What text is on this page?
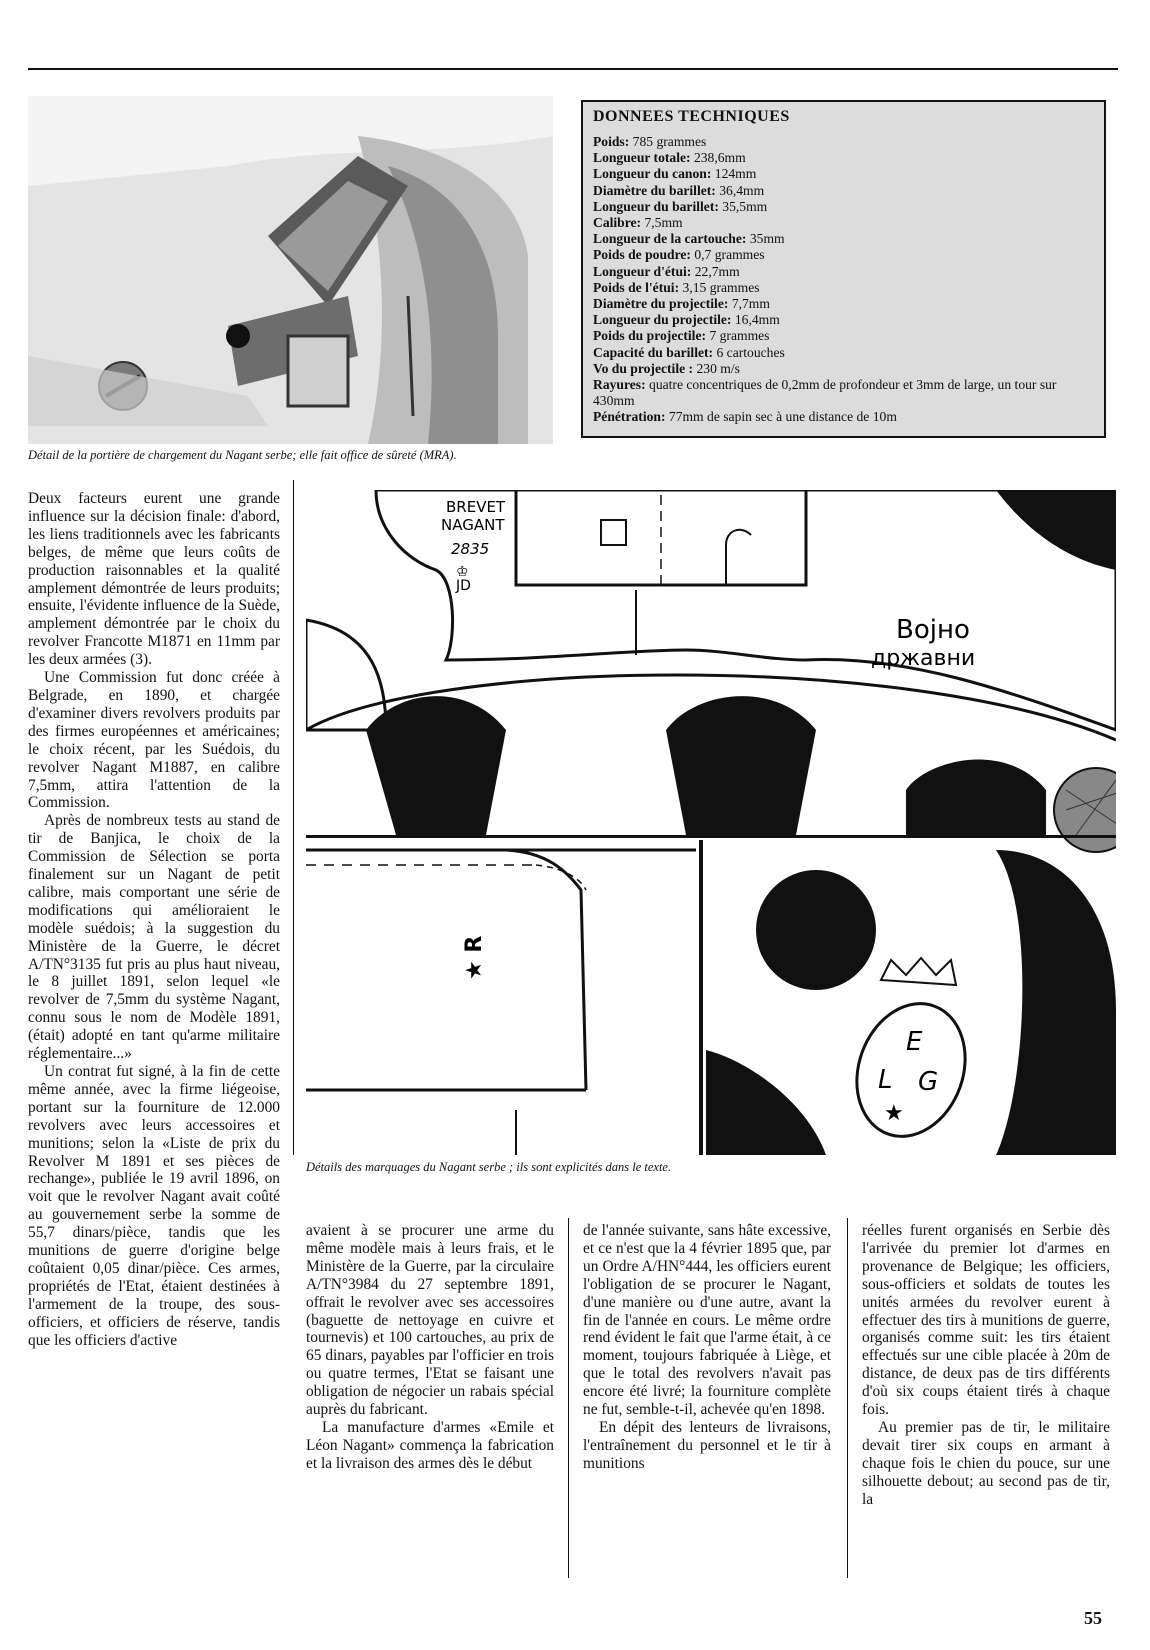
Détail de la portière de chargement du Nagant serbe; elle fait office de sûreté (MRA).
DONNEES TECHNIQUES
Poids: 785 grammes
Longueur totale: 238,6mm
Longueur du canon: 124mm
Diamètre du barillet: 36,4mm
Longueur du barillet: 35,5mm
Calibre: 7,5mm
Longueur de la cartouche: 35mm
Poids de poudre: 0,7 grammes
Longueur d'étui: 22,7mm
Poids de l'étui: 3,15 grammes
Diamètre du projectile: 7,7mm
Longueur du projectile: 16,4mm
Poids du projectile: 7 grammes
Capacité du barillet: 6 cartouches
Vo du projectile : 230 m/s
Rayures: quatre concentriques de 0,2mm de profondeur et 3mm de large, un tour sur 430mm
Pénétration: 77mm de sapin sec à une distance de 10m

Deux facteurs eurent une grande influence sur la décision finale: d'abord, les liens traditionnels avec les fabricants belges, de même que leurs coûts de production raisonnables et la qualité amplement démontrée de leurs produits; ensuite, l'évidente influence de la Suède, amplement démontrée par le choix du revolver Francotte M1871 en 11mm par les deux armées (3).

Une Commission fut donc créée à Belgrade, en 1890, et chargée d'examiner divers revolvers produits par des firmes européennes et américaines; le choix récent, par les Suédois, du revolver Nagant M1887, en calibre 7,5mm, attira l'attention de la Commission.

Après de nombreux tests au stand de tir de Banjica, le choix de la Commission de Sélection se porta finalement sur un Nagant de petit calibre, mais comportant une série de modifications qui amélioraient le modèle suédois; à la suggestion du Ministère de la Guerre, le décret A/TN°3135 fut pris au plus haut niveau, le 8 juillet 1891, selon lequel «le revolver de 7,5mm du système Nagant, connu sous le nom de Modèle 1891, (était) adopté en tant qu'arme militaire réglementaire...»

Un contrat fut signé, à la fin de cette même année, avec la firme liégeoise, portant sur la fourniture de 12.000 revolvers avec leurs accessoires et munitions; selon la «Liste de prix du Revolver M 1891 et ses pièces de rechange», publiée le 19 avril 1896, on voit que le revolver Nagant avait coûté au gouvernement serbe la somme de 55,7 dinars/pièce, tandis que les munitions de guerre d'origine belge coûtaient 0,05 dinar/pièce. Ces armes, propriétés de l'Etat, étaient destinées à l'armement de la troupe, des sous-officiers, et officiers de réserve, tandis que les officiers d'active

BREVET
NAGANT
2835
JD
♔
Војно
државни
★ R
E
L G
★
Détails des marquages du Nagant serbe ; ils sont explicités dans le texte.

avaient à se procurer une arme du même modèle mais à leurs frais, et le Ministère de la Guerre, par la circulaire A/TN°3984 du 27 septembre 1891, offrait le revolver avec ses accessoires (baguette de nettoyage en cuivre et tournevis) et 100 cartouches, au prix de 65 dinars, payables par l'officier en trois ou quatre termes, l'Etat se faisant une obligation de négocier un rabais spécial auprès du fabricant.

La manufacture d'armes «Emile et Léon Nagant» commença la fabrication et la livraison des armes dès le début

de l'année suivante, sans hâte excessive, et ce n'est que la 4 février 1895 que, par un Ordre A/HN°444, les officiers eurent l'obligation de se procurer le Nagant, d'une manière ou d'une autre, avant la fin de l'année en cours. Le même ordre rend évident le fait que l'arme était, à ce moment, toujours fabriquée à Liège, et que le total des revolvers n'avait pas encore été livré; la fourniture complète ne fut, semble-t-il, achevée qu'en 1898.

En dépit des lenteurs de livraisons, l'entraînement du personnel et le tir à munitions

réelles furent organisés en Serbie dès l'arrivée du premier lot d'armes en provenance de Belgique; les officiers, sous-officiers et soldats de toutes les unités armées du revolver eurent à effectuer des tirs à munitions de guerre, organisés comme suit: les tirs étaient effectués sur une cible placée à 20m de distance, de deux pas de tirs différents d'où six coups étaient tirés à chaque fois.

Au premier pas de tir, le militaire devait tirer six coups en armant à chaque fois le chien du pouce, sur une silhouette debout; au second pas de tir, la

55
